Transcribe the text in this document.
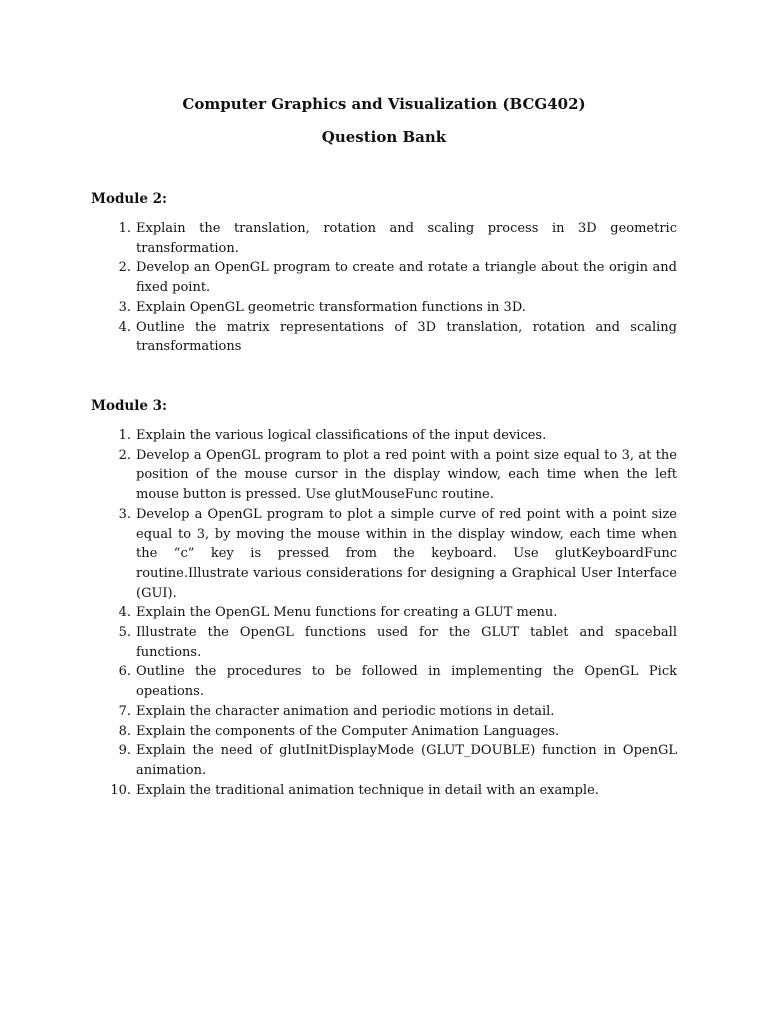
Computer Graphics and Visualization (BCG402)
Question Bank
Module 2:
1. Explain the translation, rotation and scaling process in 3D geometric transformation.
2. Develop an OpenGL program to create and rotate a triangle about the origin and fixed point.
3. Explain OpenGL geometric transformation functions in 3D.
4. Outline the matrix representations of 3D translation, rotation and scaling transformations
Module 3:
1. Explain the various logical classifications of the input devices.
2. Develop a OpenGL program to plot a red point with a point size equal to 3, at the position of the mouse cursor in the display window, each time when the left mouse button is pressed. Use glutMouseFunc routine.
3. Develop a OpenGL program to plot a simple curve of red point with a point size equal to 3, by moving the mouse within in the display window, each time when the “c” key is pressed from the keyboard. Use glutKeyboardFunc routine.Illustrate various considerations for designing a Graphical User Interface (GUI).
4. Explain the OpenGL Menu functions for creating a GLUT menu.
5. Illustrate the OpenGL functions used for the GLUT tablet and spaceball functions.
6. Outline the procedures to be followed in implementing the OpenGL Pick opeations.
7. Explain the character animation and periodic motions in detail.
8. Explain the components of the Computer Animation Languages.
9. Explain the need of glutInitDisplayMode (GLUT_DOUBLE) function in OpenGL animation.
10. Explain the traditional animation technique in detail with an example.
